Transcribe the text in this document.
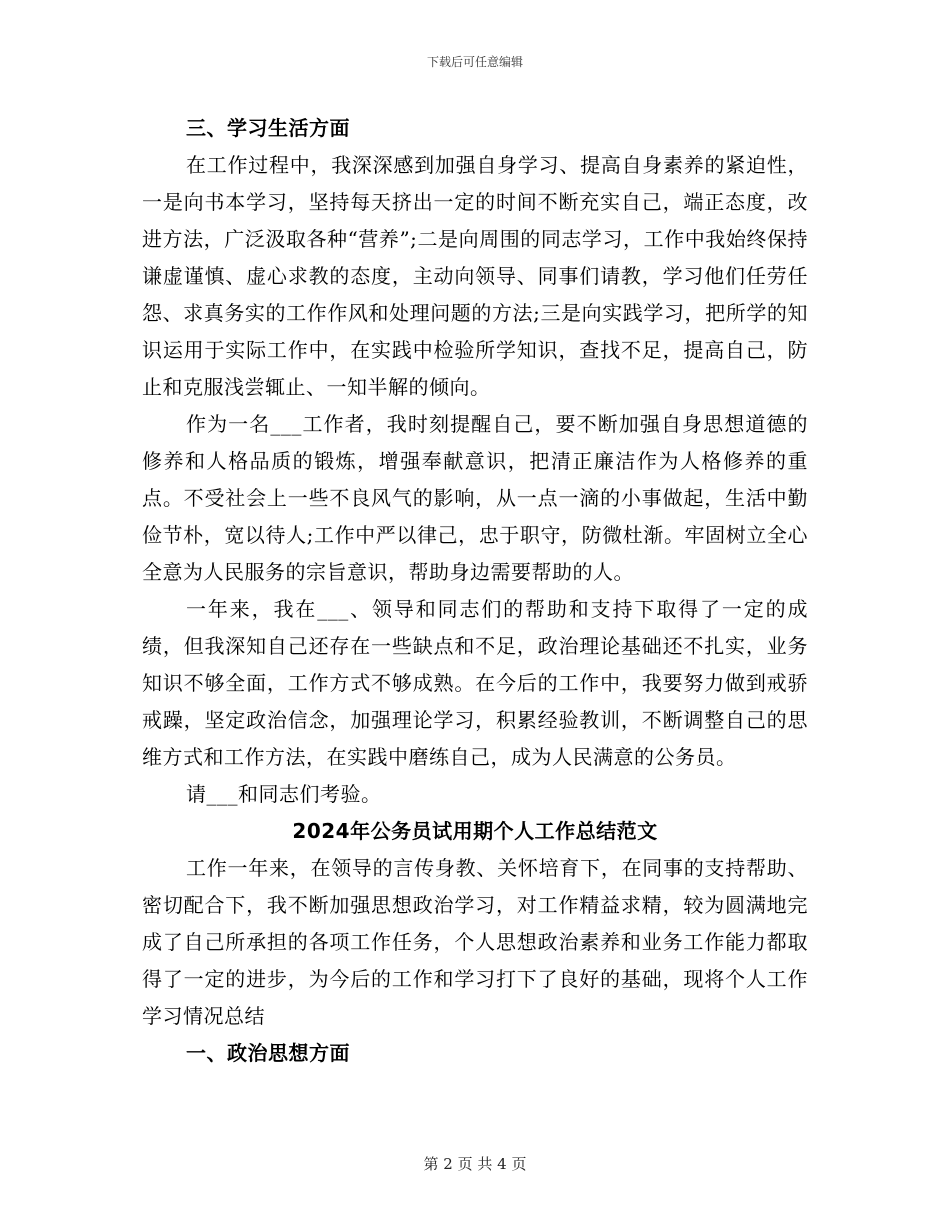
下载后可任意编辑

三、学习生活方面

在工作过程中，我深深感到加强自身学习、提高自身素养的紧迫性，一是向书本学习，坚持每天挤出一定的时间不断充实自己，端正态度，改进方法，广泛汲取各种“营养”;二是向周围的同志学习，工作中我始终保持谦虚谨慎、虚心求教的态度，主动向领导、同事们请教，学习他们任劳任怨、求真务实的工作作风和处理问题的方法;三是向实践学习，把所学的知识运用于实际工作中，在实践中检验所学知识，查找不足，提高自己，防止和克服浅尝辄止、一知半解的倾向。

作为一名___工作者，我时刻提醒自己，要不断加强自身思想道德的修养和人格品质的锻炼，增强奉献意识，把清正廉洁作为人格修养的重点。不受社会上一些不良风气的影响，从一点一滴的小事做起，生活中勤俭节朴，宽以待人;工作中严以律己，忠于职守，防微杜渐。牢固树立全心全意为人民服务的宗旨意识，帮助身边需要帮助的人。

一年来，我在___、领导和同志们的帮助和支持下取得了一定的成绩，但我深知自己还存在一些缺点和不足，政治理论基础还不扎实，业务知识不够全面，工作方式不够成熟。在今后的工作中，我要努力做到戒骄戒躁，坚定政治信念，加强理论学习，积累经验教训，不断调整自己的思维方式和工作方法，在实践中磨练自己，成为人民满意的公务员。

请___和同志们考验。

2024年公务员试用期个人工作总结范文

工作一年来，在领导的言传身教、关怀培育下，在同事的支持帮助、密切配合下，我不断加强思想政治学习，对工作精益求精，较为圆满地完成了自己所承担的各项工作任务，个人思想政治素养和业务工作能力都取得了一定的进步，为今后的工作和学习打下了良好的基础，现将个人工作学习情况总结

一、政治思想方面

第 2 页 共 4 页
